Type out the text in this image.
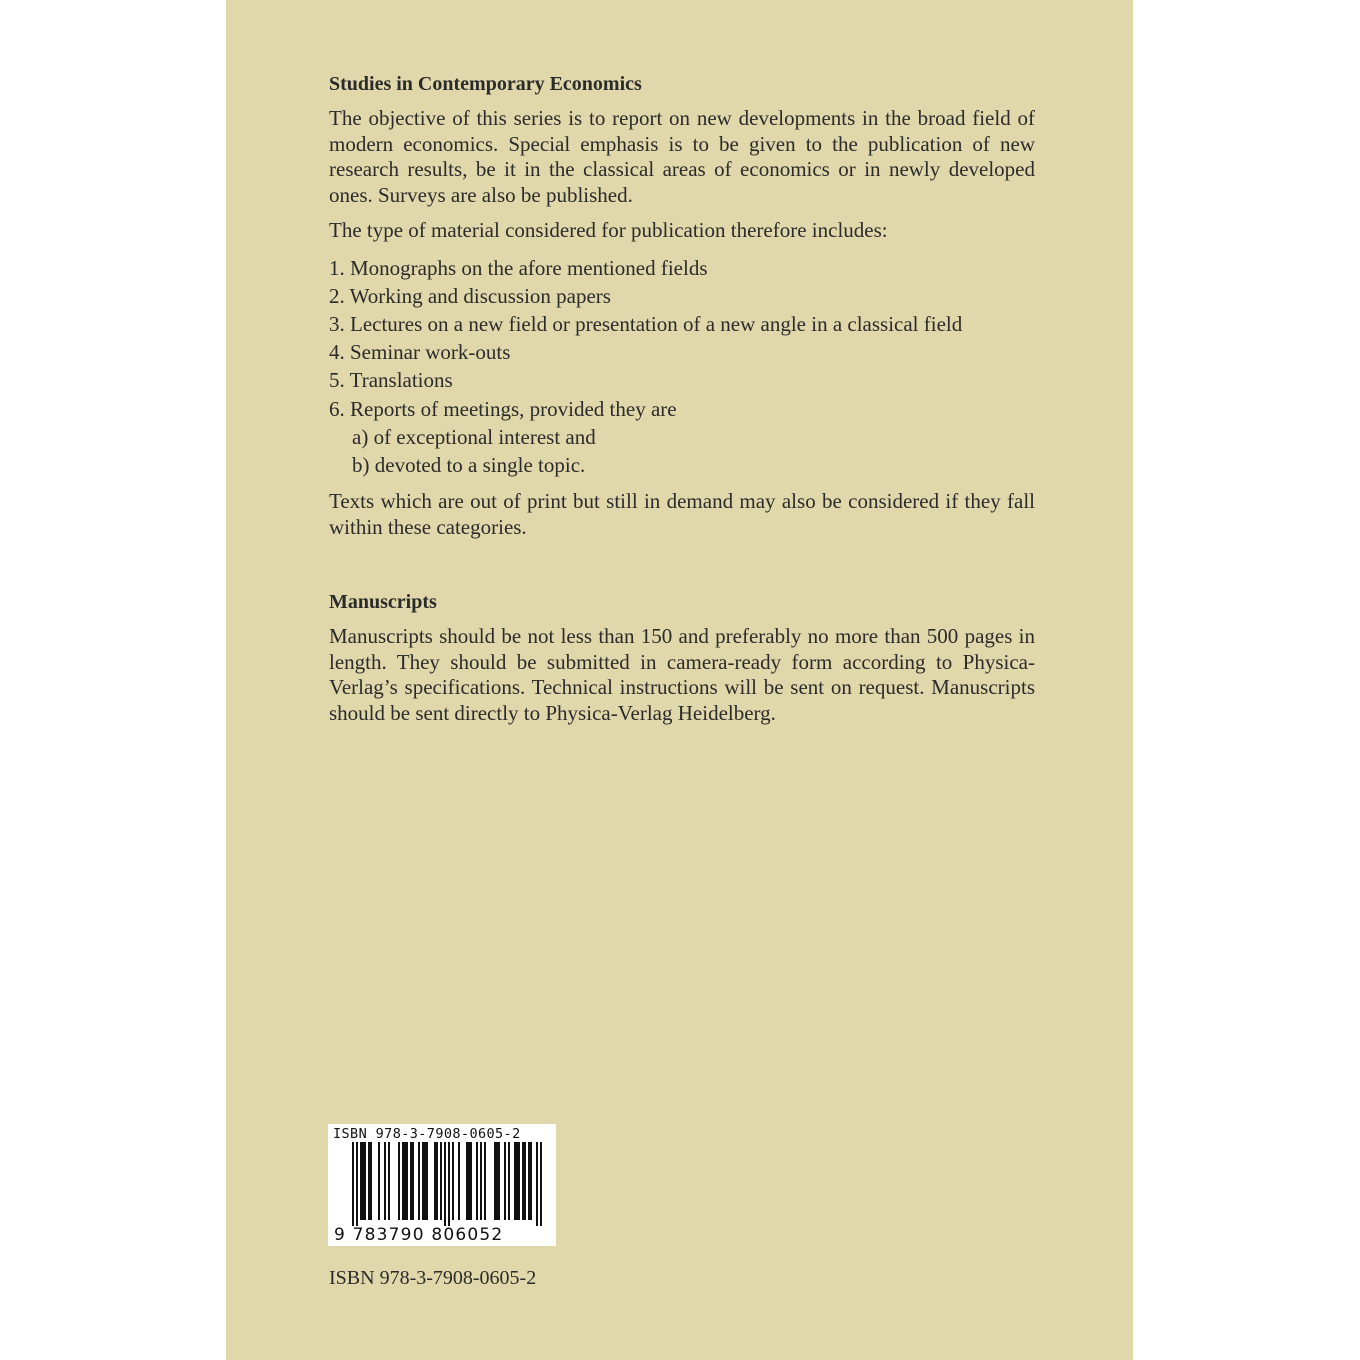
Studies in Contemporary Economics

The objective of this series is to report on new developments in the broad field of modern economics. Special emphasis is to be given to the publication of new research results, be it in the classical areas of economics or in newly developed ones. Surveys are also be published.

The type of material considered for publication therefore includes:

1. Monographs on the afore mentioned fields
2. Working and discussion papers
3. Lectures on a new field or presentation of a new angle in a classical field
4. Seminar work-outs
5. Translations
6. Reports of meetings, provided they are
a) of exceptional interest and
b) devoted to a single topic.

Texts which are out of print but still in demand may also be considered if they fall within these categories.

Manuscripts

Manuscripts should be not less than 150 and preferably no more than 500 pages in length. They should be submitted in camera-ready form according to Physica-Verlag’s specifications. Technical instructions will be sent on request. Manuscripts should be sent directly to Physica-Verlag Heidelberg.

ISBN 978-3-7908-0605-2
9 783790 806052
ISBN 978-3-7908-0605-2
